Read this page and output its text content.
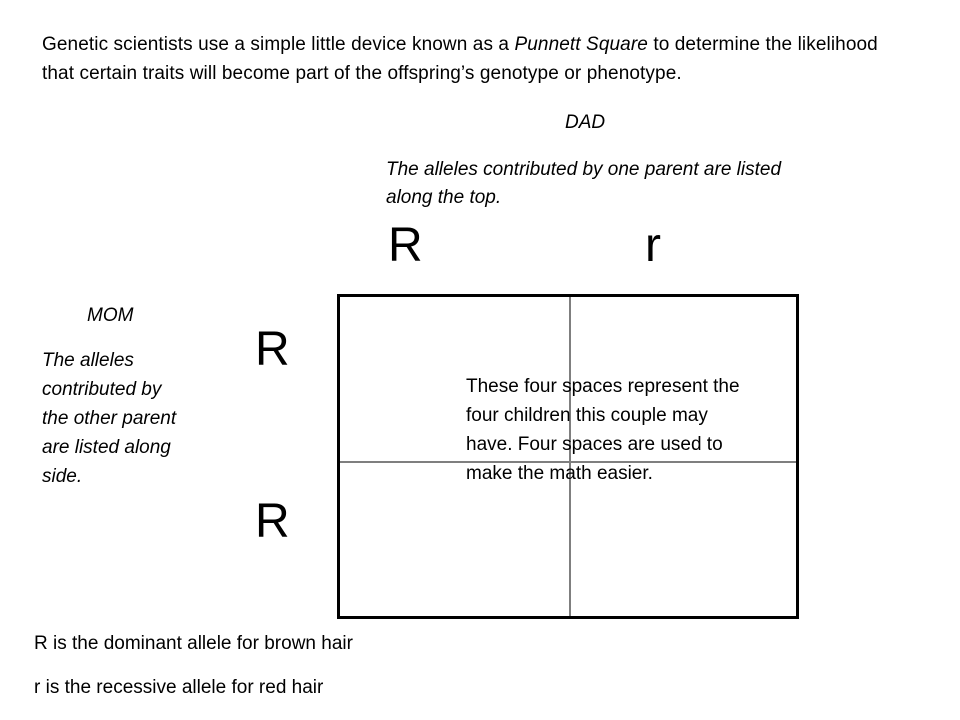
Genetic scientists use a simple little device known as a Punnett Square to determine the likelihood that certain traits will become part of the offspring’s genotype or phenotype.
DAD
The alleles contributed by one parent are listed along the top.
R	r
MOM
The alleles contributed by the other parent are listed along side.
R
R
These four spaces represent the four children this couple may have. Four spaces are used to make the math easier.
R is the dominant allele for brown hair
r is the recessive allele for red hair
